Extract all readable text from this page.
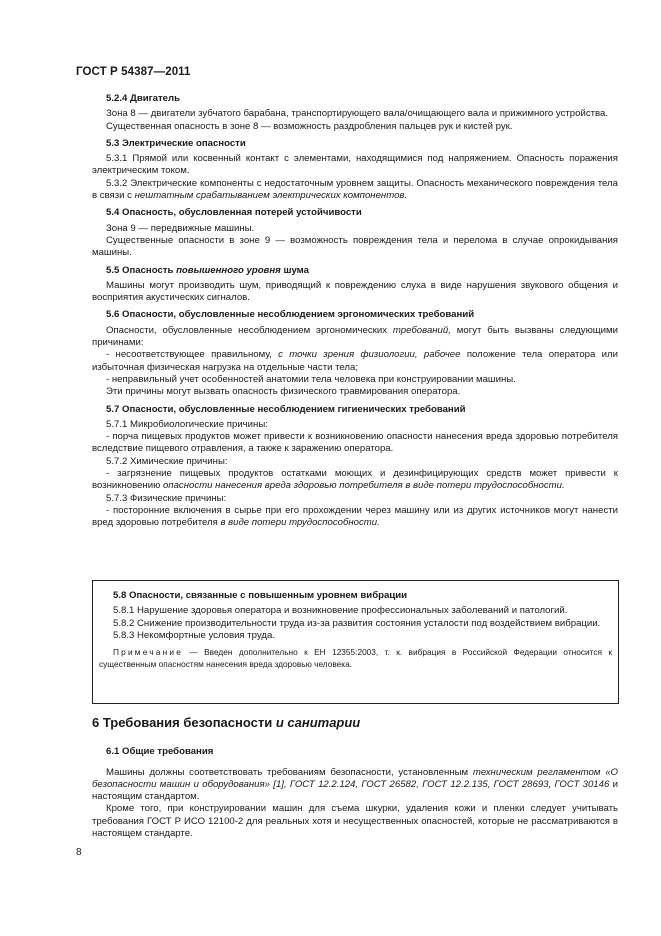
ГОСТ Р 54387—2011

5.2.4 Двигатель

Зона 8 — двигатели зубчатого барабана, транспортирующего вала/очищающего вала и прижимного устройства.

Существенная опасность в зоне 8 — возможность раздробления пальцев рук и кистей рук.

5.3 Электрические опасности

5.3.1 Прямой или косвенный контакт с элементами, находящимися под напряжением. Опасность поражения электрическим током.

5.3.2 Электрические компоненты с недостаточным уровнем защиты. Опасность механического повреждения тела в связи с нештатным срабатыванием электрических компонентов.

5.4 Опасность, обусловленная потерей устойчивости

Зона 9 — передвижные машины.

Существенные опасности в зоне 9 — возможность повреждения тела и перелома в случае опрокидывания машины.

5.5 Опасность повышенного уровня шума

Машины могут производить шум, приводящий к повреждению слуха в виде нарушения звукового общения и восприятия акустических сигналов.

5.6 Опасности, обусловленные несоблюдением эргономических требований

Опасности, обусловленные несоблюдением эргономических требований, могут быть вызваны следующими причинами:

- несоответствующее правильному, с точки зрения физиологии, рабочее положение тела оператора или избыточная физическая нагрузка на отдельные части тела;

- неправильный учет особенностей анатомии тела человека при конструировании машины.

Эти причины могут вызвать опасность физического травмирования оператора.

5.7 Опасности, обусловленные несоблюдением гигиенических требований

5.7.1 Микробиологические причины:

- порча пищевых продуктов может привести к возникновению опасности нанесения вреда здоровью потребителя вследствие пищевого отравления, а также к заражению оператора.

5.7.2 Химические причины:

- загрязнение пищевых продуктов остатками моющих и дезинфицирующих средств может привести к возникновению опасности нанесения вреда здоровью потребителя в виде потери трудоспособности.

5.7.3 Физические причины:

- посторонние включения в сырье при его прохождении через машину или из других источников могут нанести вред здоровью потребителя в виде потери трудоспособности.

5.8 Опасности, связанные с повышенным уровнем вибрации

5.8.1 Нарушение здоровья оператора и возникновение профессиональных заболеваний и патологий.

5.8.2 Снижение производительности труда из-за развития состояния усталости под воздействием вибрации.

5.8.3 Некомфортные условия труда.

Примечание — Введен дополнительно к ЕН 12355:2003, т. к. вибрация в Российской Федерации относится к существенным опасностям нанесения вреда здоровью человека.

6 Требования безопасности и санитарии

6.1 Общие требования

Машины должны соответствовать требованиям безопасности, установленным техническим регламентом «О безопасности машин и оборудования» [1], ГОСТ 12.2.124, ГОСТ 26582, ГОСТ 12.2.135, ГОСТ 28693, ГОСТ 30146 и настоящим стандартом.

Кроме того, при конструировании машин для съема шкурки, удаления кожи и пленки следует учитывать требования ГОСТ Р ИСО 12100-2 для реальных хотя и несущественных опасностей, которые не рассматриваются в настоящем стандарте.

8
